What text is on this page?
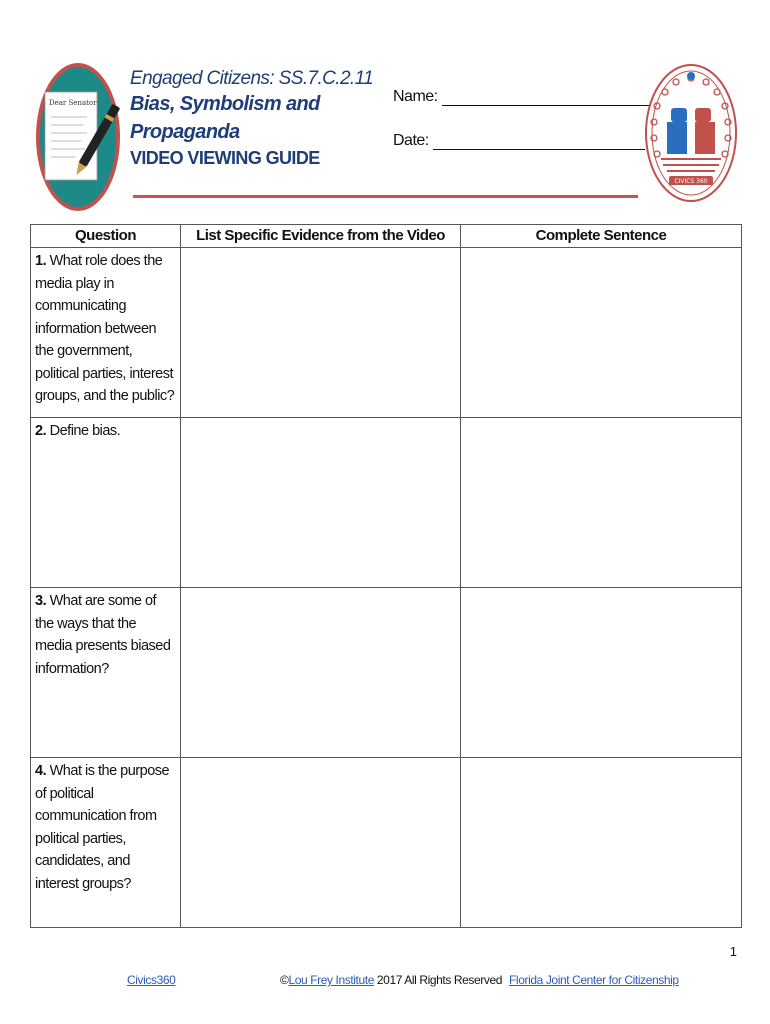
Dear Senator
Engaged Citizens: SS.7.C.2.11
Bias, Symbolism and
Propaganda
VIDEO VIEWING GUIDE
Name:
Date:
CIVICS 360
Question	List Specific Evidence from the Video	Complete Sentence
1. What role does the media play in communicating information between the government, political parties, interest groups, and the public?		
2. Define bias.		
3. What are some of the ways that the media presents biased information?		
4. What is the purpose of political communication from political parties, candidates, and interest groups?		
1
Civics360	©Lou Frey Institute 2017 All Rights Reserved Florida Joint Center for Citizenship
